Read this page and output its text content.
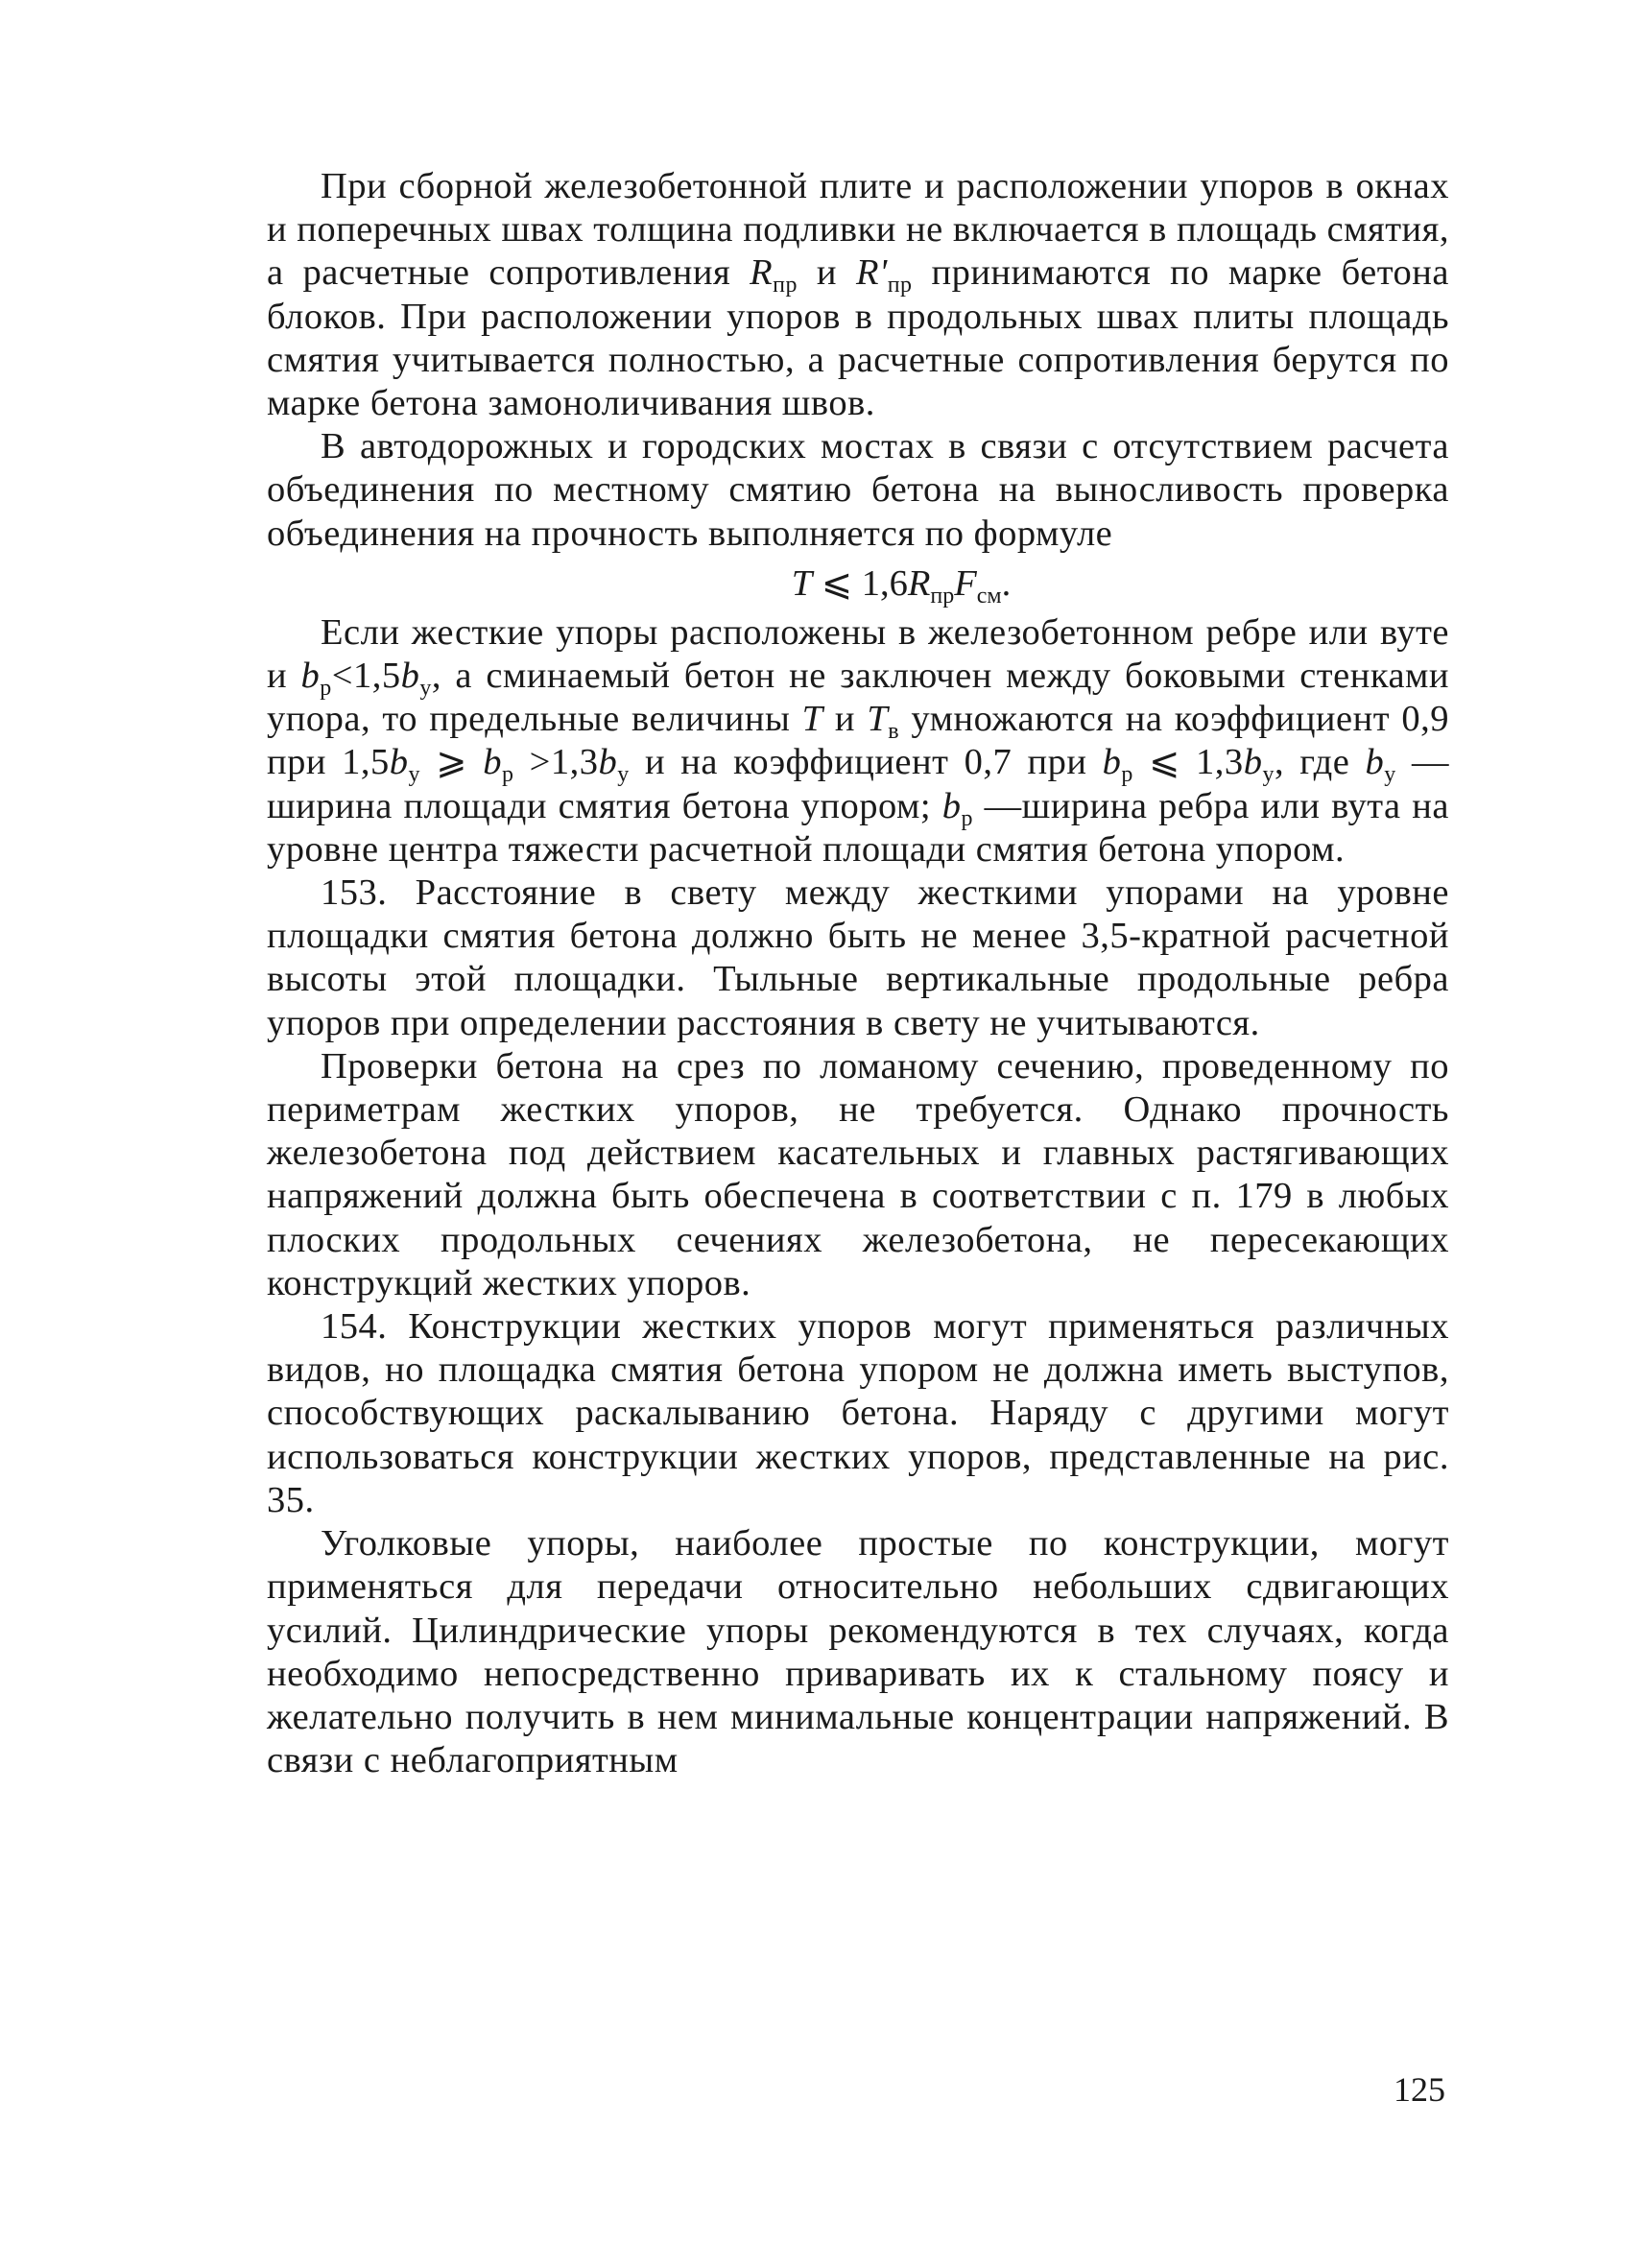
При сборной железобетонной плите и расположении упоров в окнах и поперечных швах толщина подливки не включается в площадь смятия, а расчетные сопротивления $R_{пр}$ и $R'_{пр}$ принимаются по марке бетона блоков. При расположении упоров в продольных швах плиты площадь смятия учитывается полностью, а расчетные сопротивления берутся по марке бетона замоноличивания швов.

В автодорожных и городских мостах в связи с отсутствием расчета объединения по местному смятию бетона на выносливость проверка объединения на прочность выполняется по формуле

T ⩽ $1,6R_{пр}F_{см}$.

Если жесткие упоры расположены в железобетонном ребре или вуте и $b_р<1,5b_у$, а сминаемый бетон не заключен между боковыми стенками упора, то предельные величины T и $T_в$ умножаются на коэффициент 0,9 при $1,5b_у$ ⩾ $b_р >1,3b_у$ и на коэффициент 0,7 при $b_р$ ⩽ $1,3b_у$, где $b_у$ —ширина площади смятия бетона упором; $b_р$ —ширина ребра или вута на уровне центра тяжести расчетной площади смятия бетона упором.

153. Расстояние в свету между жесткими упорами на уровне площадки смятия бетона должно быть не менее 3,5-кратной расчетной высоты этой площадки. Тыльные вертикальные продольные ребра упоров при определении расстояния в свету не учитываются.

Проверки бетона на срез по ломаному сечению, проведенному по периметрам жестких упоров, не требуется. Однако прочность железобетона под действием касательных и главных растягивающих напряжений должна быть обеспечена в соответствии с п. 179 в любых плоских продольных сечениях железобетона, не пересекающих конструкций жестких упоров.

154. Конструкции жестких упоров могут применяться различных видов, но площадка смятия бетона упором не должна иметь выступов, способствующих раскалыванию бетона. Наряду с другими могут использоваться конструкции жестких упоров, представленные на рис. 35.

Уголковые упоры, наиболее простые по конструкции, могут применяться для передачи относительно небольших сдвигающих усилий. Цилиндрические упоры рекомендуются в тех случаях, когда необходимо непосредственно приваривать их к стальному поясу и желательно получить в нем минимальные концентрации напряжений. В связи с неблагоприятным

125
